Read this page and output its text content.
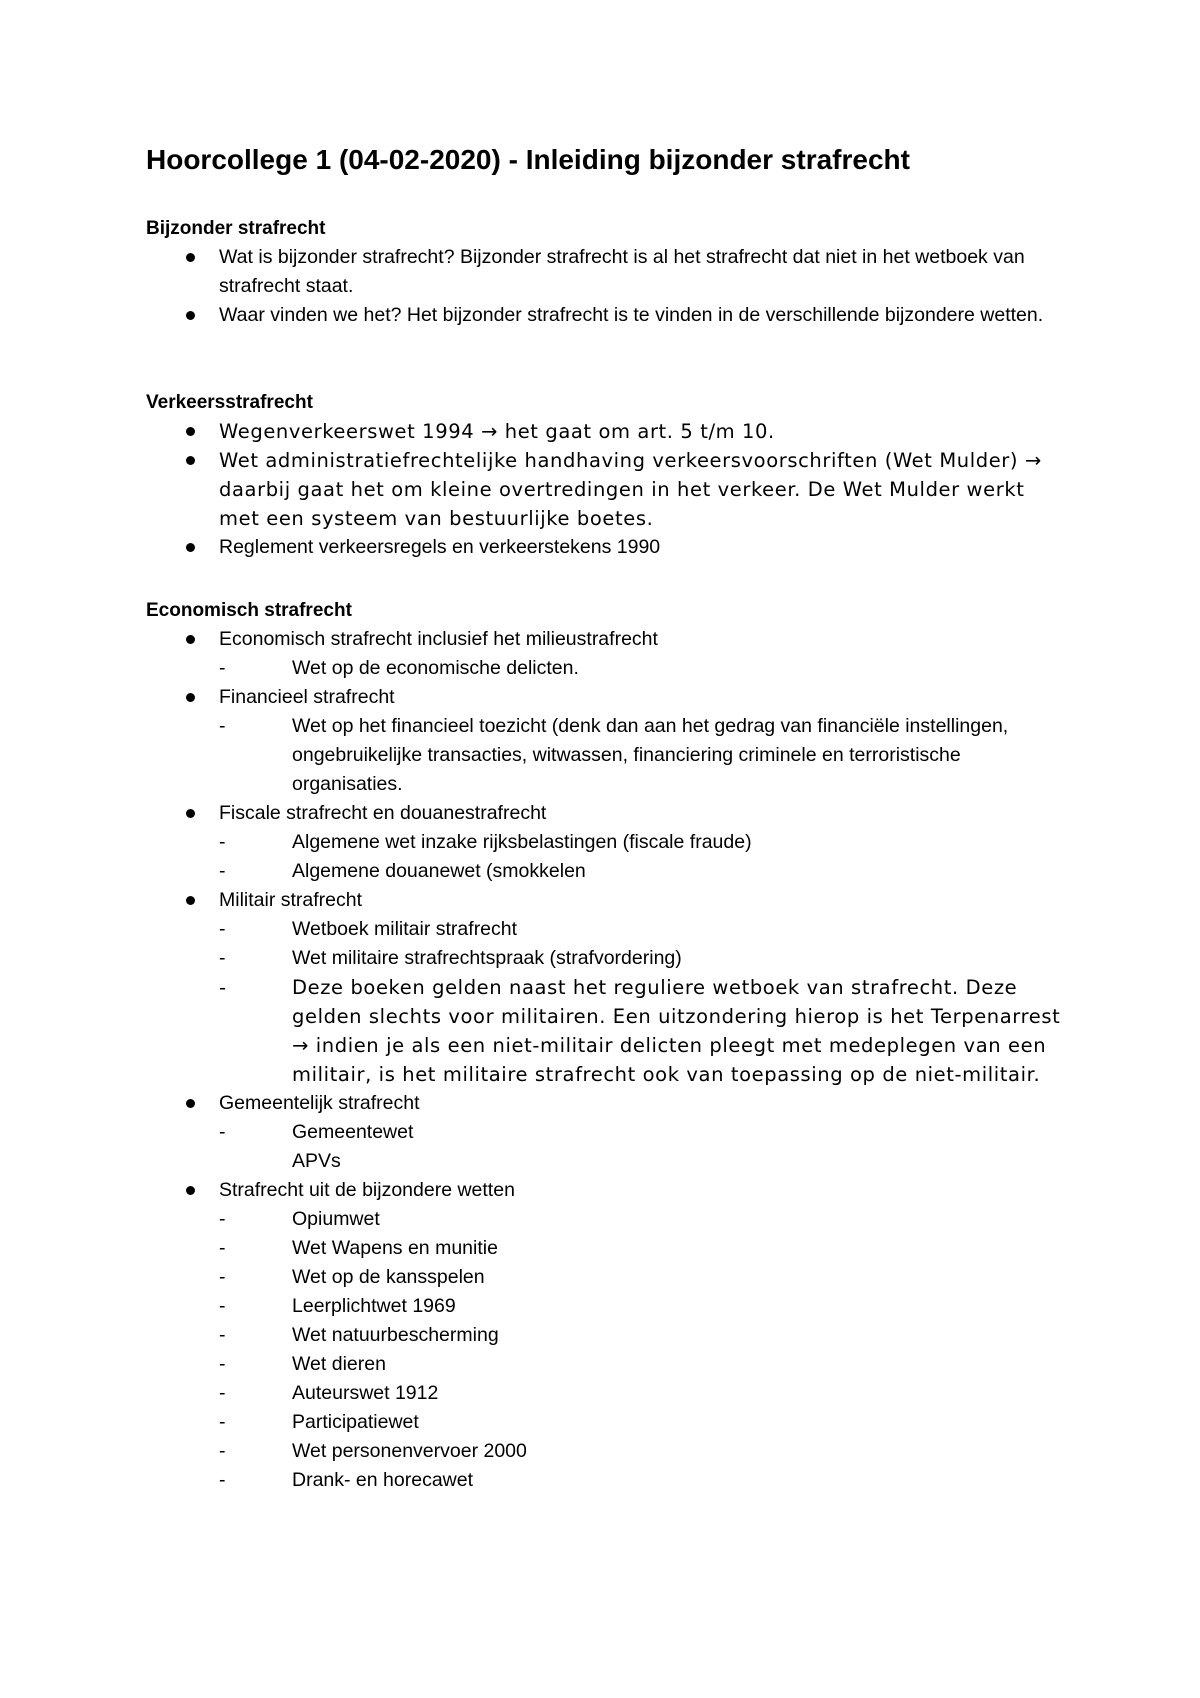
Hoorcollege 1 (04-02-2020) - Inleiding bijzonder strafrecht
Bijzonder strafrecht
Wat is bijzonder strafrecht? Bijzonder strafrecht is al het strafrecht dat niet in het wetboek van strafrecht staat.
Waar vinden we het? Het bijzonder strafrecht is te vinden in de verschillende bijzondere wetten.
Verkeersstrafrecht
Wegenverkeerswet 1994 → het gaat om art. 5 t/m 10.
Wet administratiefrechtelijke handhaving verkeersvoorschriften (Wet Mulder) → daarbij gaat het om kleine overtredingen in het verkeer. De Wet Mulder werkt met een systeem van bestuurlijke boetes.
Reglement verkeersregels en verkeerstekens 1990
Economisch strafrecht
Economisch strafrecht inclusief het milieustrafrecht
-	Wet op de economische delicten.
Financieel strafrecht
-	Wet op het financieel toezicht (denk dan aan het gedrag van financiële instellingen, ongebruikelijke transacties, witwassen, financiering criminele en terroristische organisaties.
Fiscale strafrecht en douanestrafrecht
-	Algemene wet inzake rijksbelastingen (fiscale fraude)
-	Algemene douanewet (smokkelen
Militair strafrecht
-	Wetboek militair strafrecht
-	Wet militaire strafrechtspraak (strafvordering)
-	Deze boeken gelden naast het reguliere wetboek van strafrecht. Deze gelden slechts voor militairen. Een uitzondering hierop is het Terpenarrest → indien je als een niet-militair delicten pleegt met medeplegen van een militair, is het militaire strafrecht ook van toepassing op de niet-militair.
Gemeentelijk strafrecht
-	Gemeentewet
APVs
Strafrecht uit de bijzondere wetten
-	Opiumwet
-	Wet Wapens en munitie
-	Wet op de kansspelen
-	Leerplichtwet 1969
-	Wet natuurbescherming
-	Wet dieren
-	Auteurswet 1912
-	Participatiewet
-	Wet personenvervoer 2000
-	Drank- en horecawet
